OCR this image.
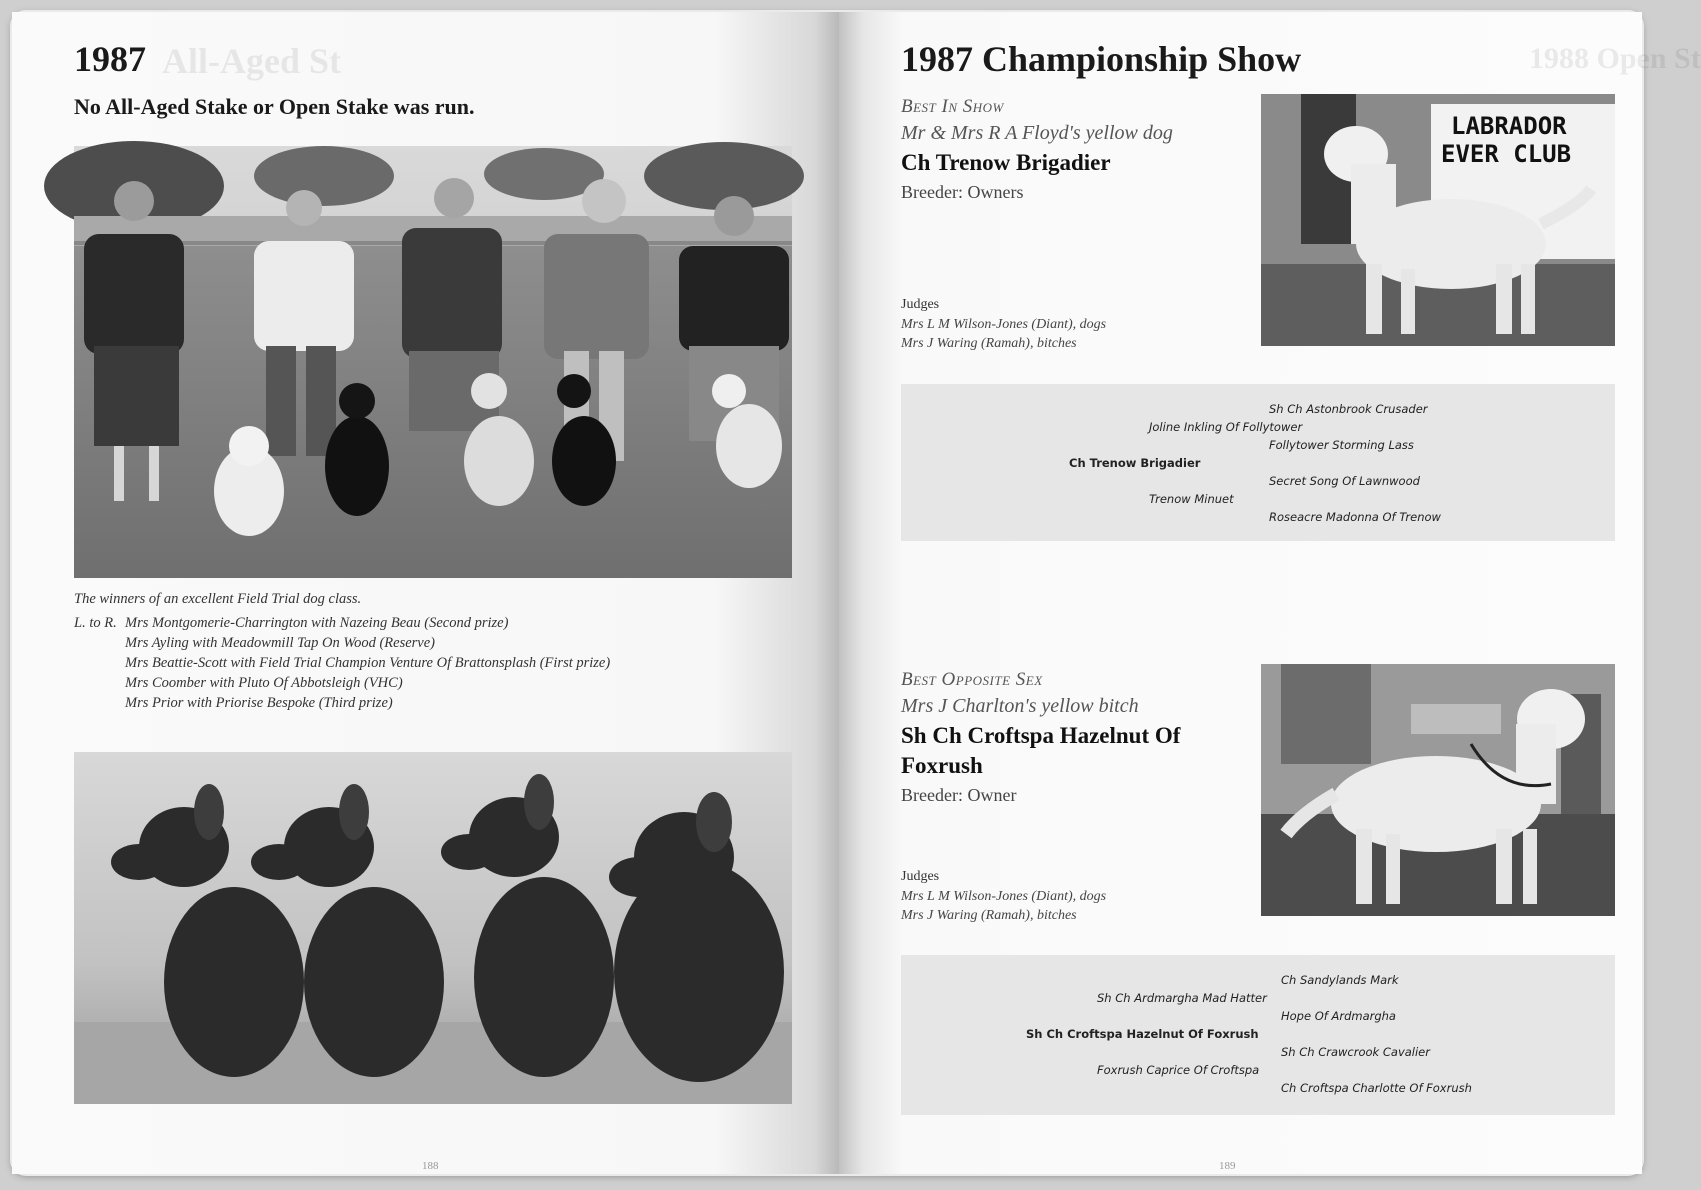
All-Aged St
1987
No All-Aged Stake or Open Stake was run.
The winners of an excellent Field Trial dog class.
L. to R. Mrs Montgomerie-Charrington with Nazeing Beau (Second prize)
Mrs Ayling with Meadowmill Tap On Wood (Reserve)
Mrs Beattie-Scott with Field Trial Champion Venture Of Brattonsplash (First prize)
Mrs Coomber with Pluto Of Abbotsleigh (VHC)
Mrs Prior with Priorise Bespoke (Third prize)
188
1988 Open St
1987 Championship Show
Best In Show
Mr & Mrs R A Floyd's yellow dog
Ch Trenow Brigadier
Breeder: Owners
Judges
Mrs L M Wilson-Jones (Diant), dogs
Mrs J Waring (Ramah), bitches
LABRADOR
EVER CLUB
Sh Ch Astonbrook Crusader
Joline Inkling Of Follytower
Follytower Storming Lass
Ch Trenow Brigadier
Secret Song Of Lawnwood
Trenow Minuet
Roseacre Madonna Of Trenow
Best Opposite Sex
Mrs J Charlton's yellow bitch
Sh Ch Croftspa Hazelnut Of
Foxrush
Breeder: Owner
Judges
Mrs L M Wilson-Jones (Diant), dogs
Mrs J Waring (Ramah), bitches
Ch Sandylands Mark
Sh Ch Ardmargha Mad Hatter
Hope Of Ardmargha
Sh Ch Croftspa Hazelnut Of Foxrush
Sh Ch Crawcrook Cavalier
Foxrush Caprice Of Croftspa
Ch Croftspa Charlotte Of Foxrush
189
